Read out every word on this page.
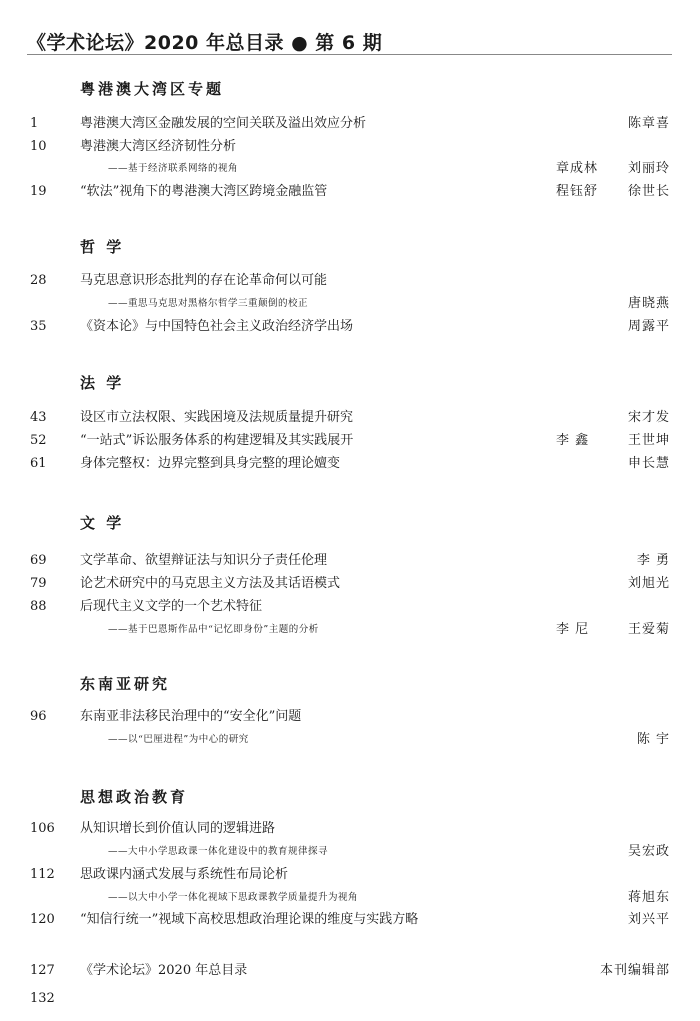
《学术论坛》2020 年总目录 ● 第 6 期
粤港澳大湾区专题
1	粤港澳大湾区金融发展的空间关联及溢出效应分析	陈章喜
10	粤港澳大湾区经济韧性分析
——基于经济联系网络的视角	章成林 刘丽玲
19	“软法”视角下的粤港澳大湾区跨境金融监管	程钰舒 徐世长
哲 学
28	马克思意识形态批判的存在论革命何以可能
——重思马克思对黑格尔哲学三重颠倒的校正	唐晓燕
35	《资本论》与中国特色社会主义政治经济学出场	周露平
法 学
43	设区市立法权限、实践困境及法规质量提升研究	宋才发
52	“一站式”诉讼服务体系的构建逻辑及其实践展开	李 鑫	王世坤
61	身体完整权：边界完整到具身完整的理论嬗变	申长慧
文 学
69	文学革命、欲望辩证法与知识分子责任伦理	李 勇
79	论艺术研究中的马克思主义方法及其话语模式	刘旭光
88	后现代主义文学的一个艺术特征
——基于巴恩斯作品中“记忆即身份”主题的分析	李 尼	王爱菊
东南亚研究
96	东南亚非法移民治理中的“安全化”问题
——以“巴厘进程”为中心的研究	陈 宇
思想政治教育
106 从知识增长到价值认同的逻辑进路
——大中小学思政课一体化建设中的教育规律探寻	吴宏政
112 思政课内涵式发展与系统性布局论析
——以大中小学一体化视域下思政课教学质量提升为视角	蒋旭东
120 “知信行统一”视域下高校思想政治理论课的维度与实践方略	刘兴平
127 《学术论坛》2020 年总目录	本刊编辑部
132
